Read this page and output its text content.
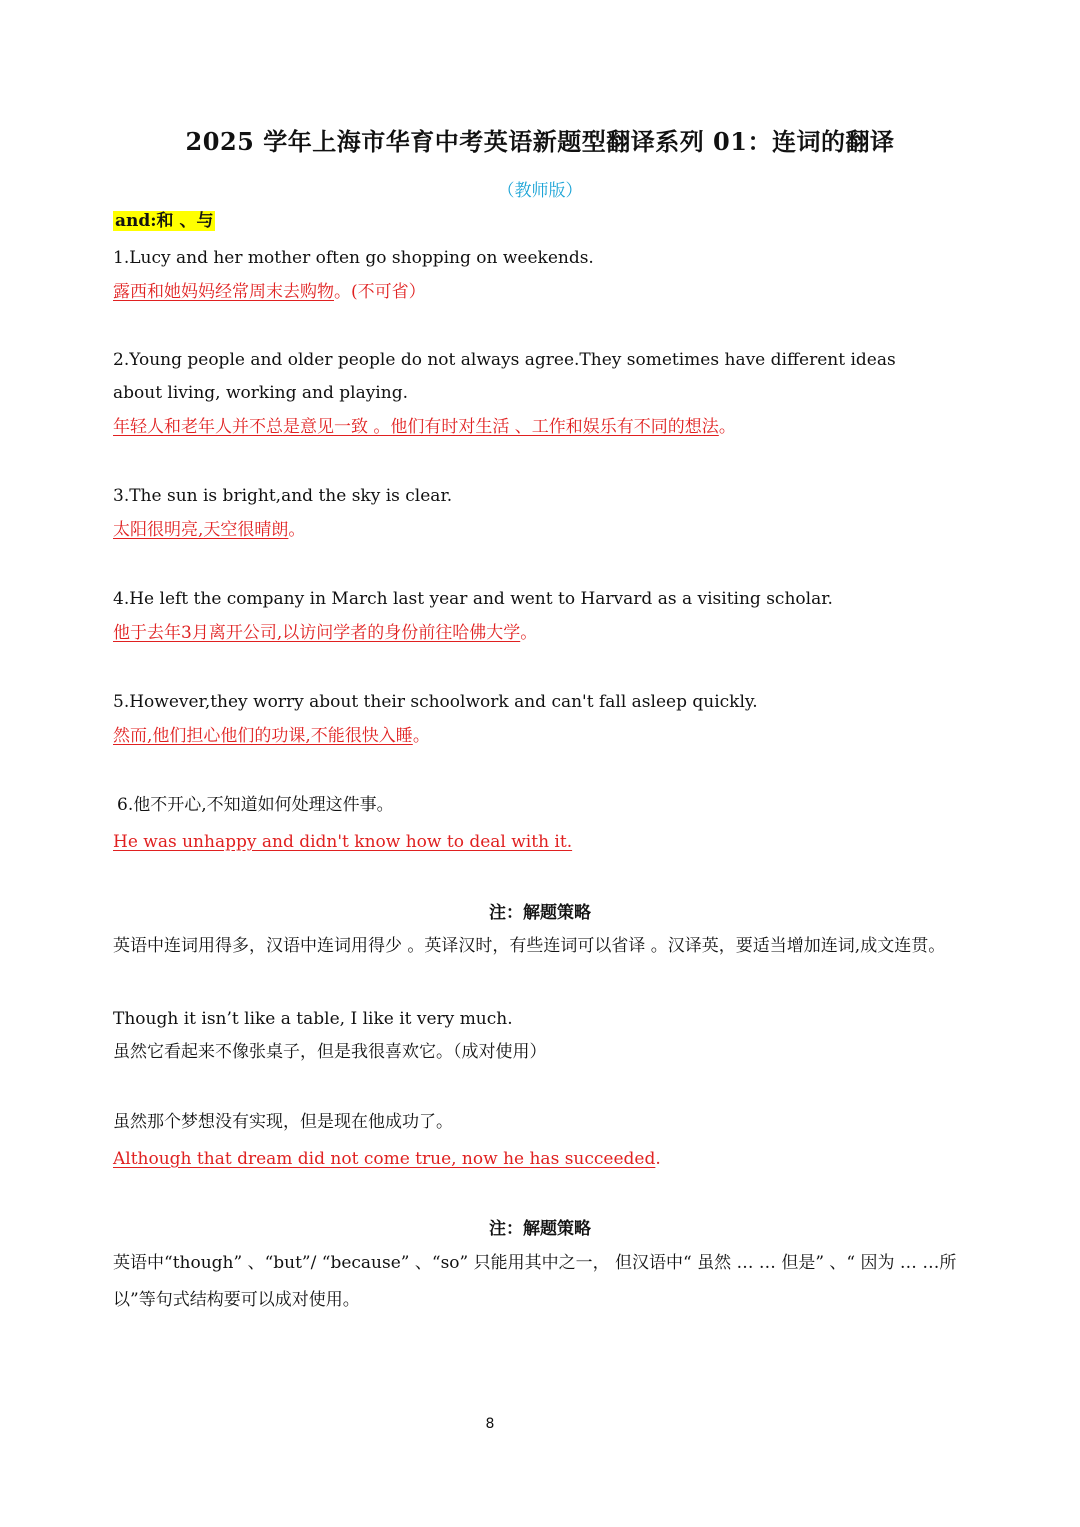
2025 学年上海市华育中考英语新题型翻译系列 01：连词的翻译
（教师版）
and:和 、与
1.Lucy and her mother often go shopping on weekends.
露西和她妈妈经常周末去购物。(不可省）
2.Young people and older people do not always agree.They sometimes have different ideas about living, working and playing.
年轻人和老年人并不总是意见一致 。他们有时对生活 、工作和娱乐有不同的想法。
3.The sun is bright,and the sky is clear.
太阳很明亮,天空很晴朗。
4.He left the company in March last year and went to Harvard as a visiting scholar.
他于去年3月离开公司,以访问学者的身份前往哈佛大学。
5.However,they worry about their schoolwork and can't fall asleep quickly.
然而,他们担心他们的功课,不能很快入睡。
6.他不开心,不知道如何处理这件事。
He was unhappy and didn't know how to deal with it.
注：解题策略
英语中连词用得多，汉语中连词用得少 。英译汉时，有些连词可以省译 。汉译英，要适当增加连词,成文连贯。
Though it isn’t like a table, I like it very much.
虽然它看起来不像张桌子，但是我很喜欢它。（成对使用）
虽然那个梦想没有实现，但是现在他成功了。
Although that dream did not come true, now he has succeeded.
注：解题策略
英语中“though” 、“but”/ “because” 、“so” 只能用其中之一， 但汉语中“ 虽然 … … 但是” 、“ 因为 … …所以”等句式结构要可以成对使用。
8
